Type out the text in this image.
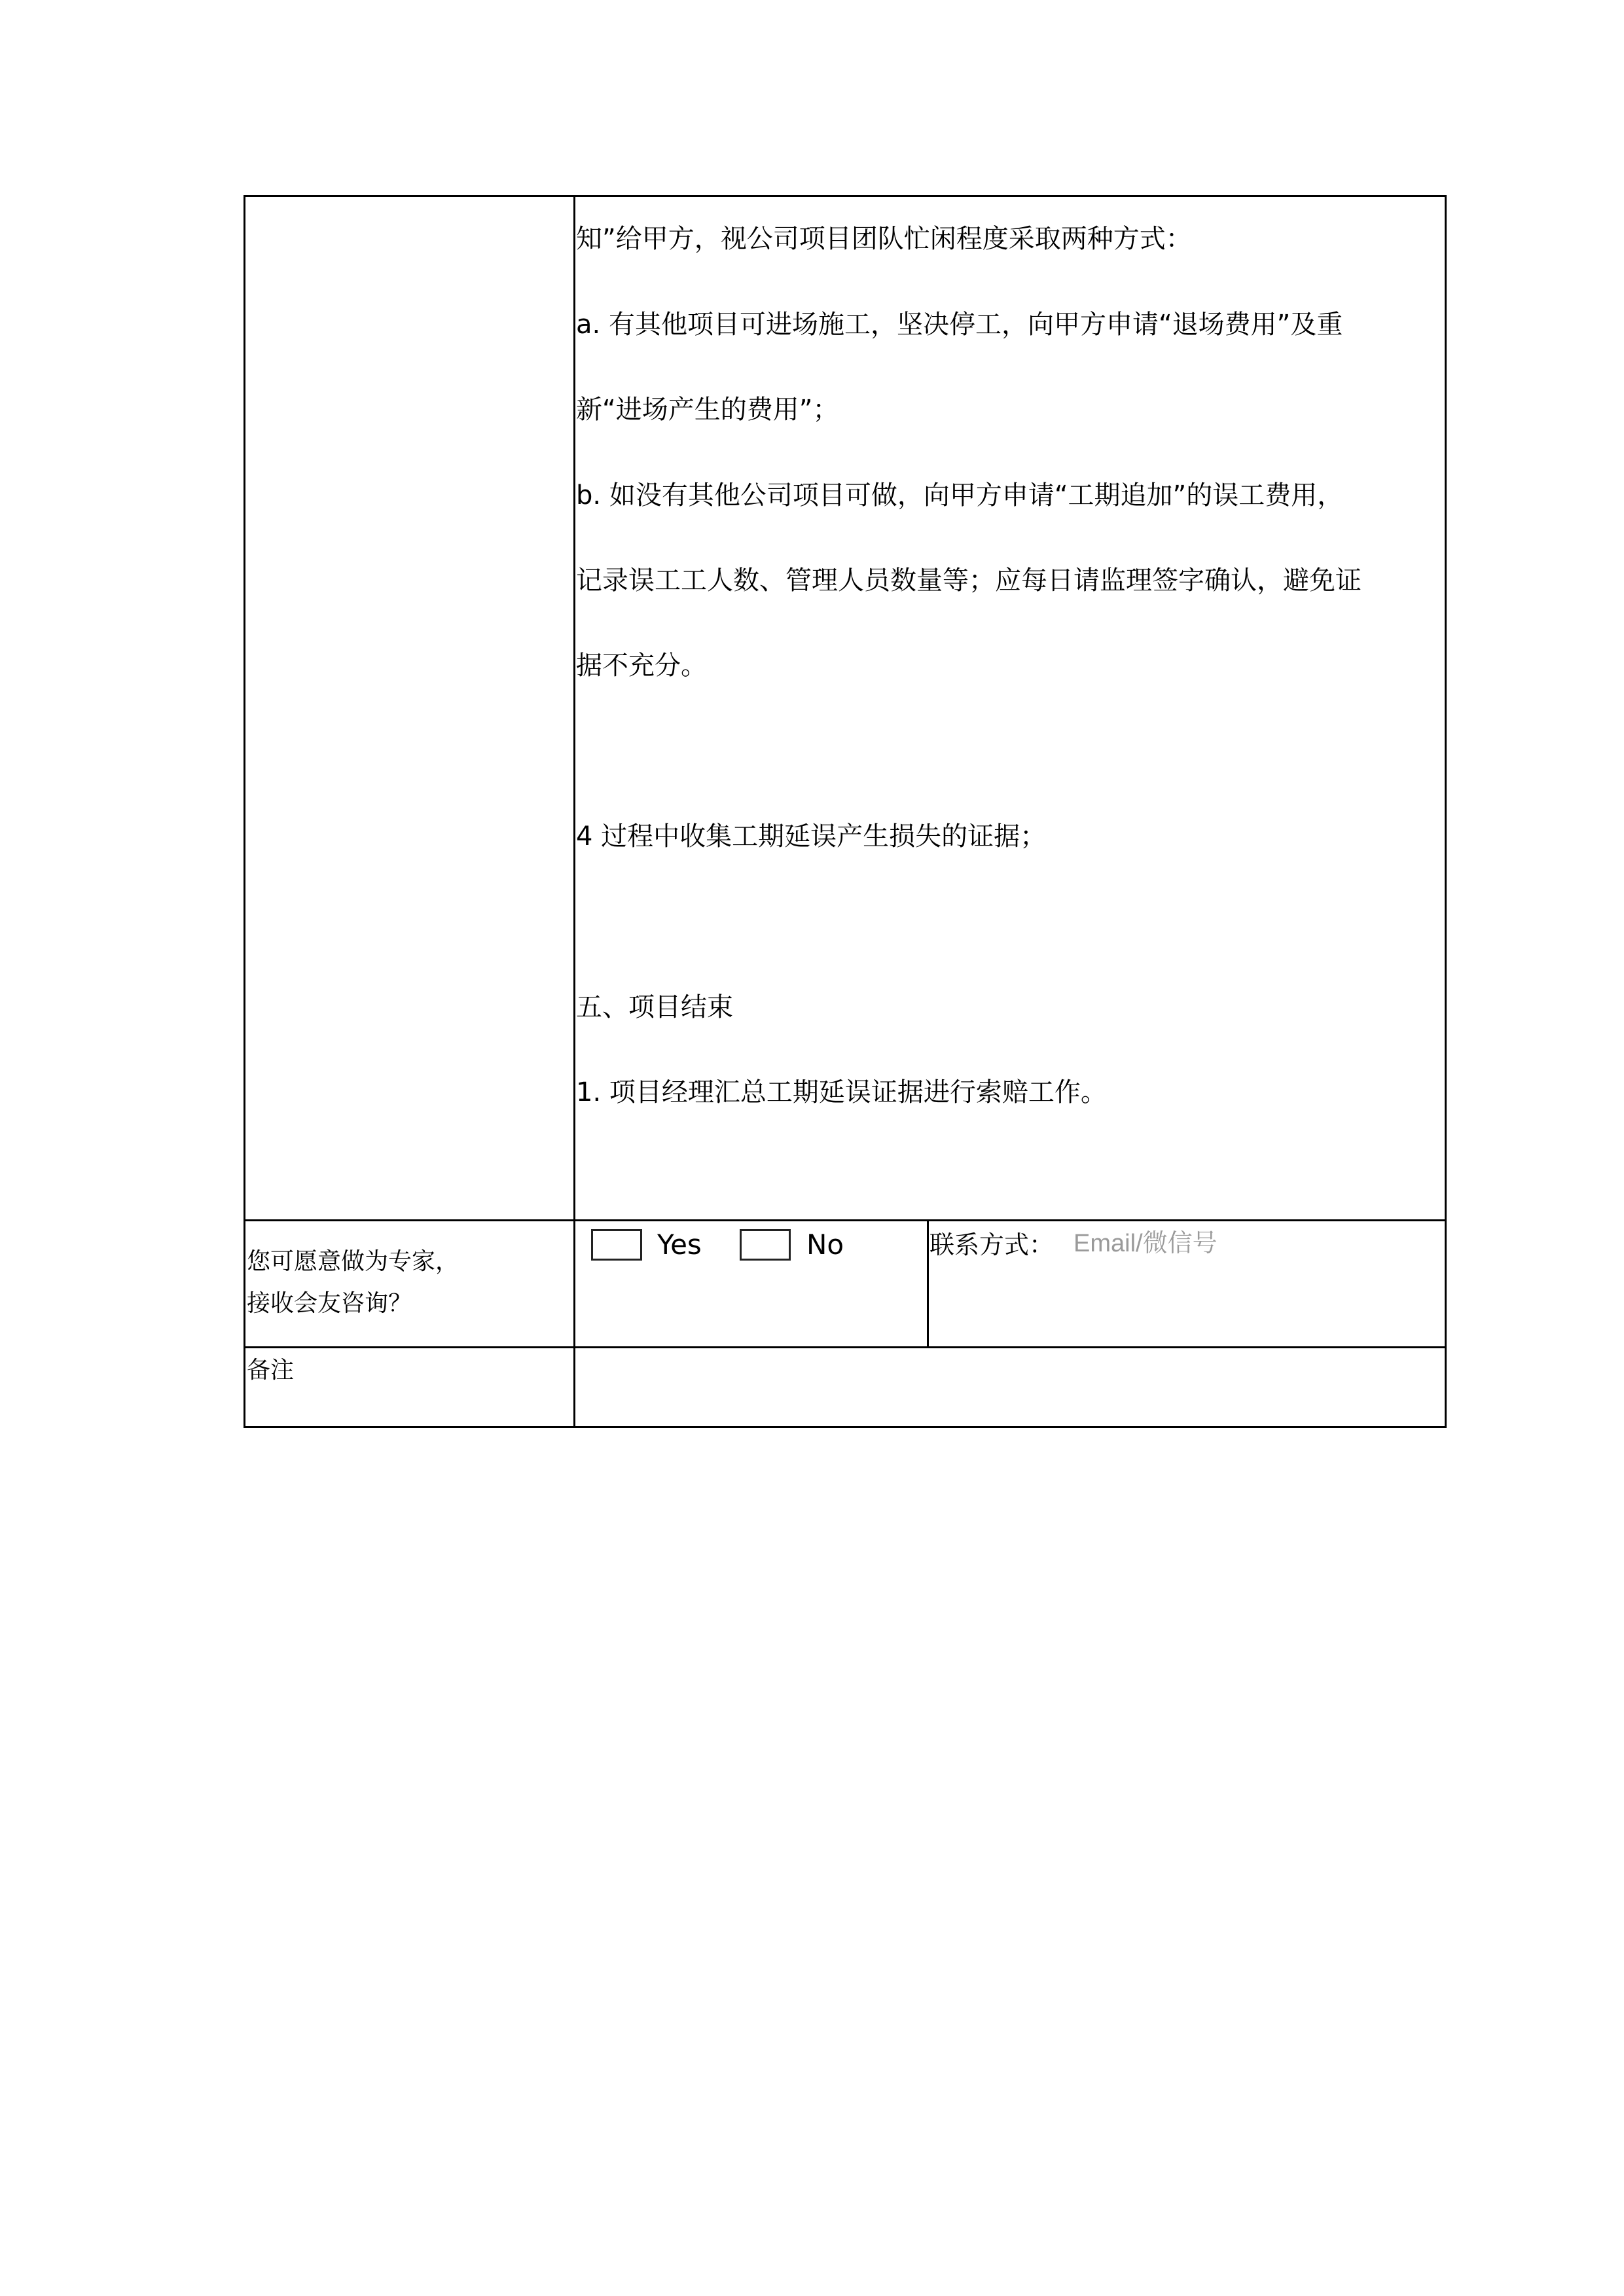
知”给甲方，视公司项目团队忙闲程度采取两种方式：
a. 有其他项目可进场施工，坚决停工，向甲方申请“退场费用”及重
新“进场产生的费用”；
b. 如没有其他公司项目可做，向甲方申请“工期追加”的误工费用，
记录误工工人数、管理人员数量等；应每日请监理签字确认，避免证
据不充分。
4 过程中收集工期延误产生损失的证据；
五、项目结束
1. 项目经理汇总工期延误证据进行索赔工作。
您可愿意做为专家，
接收会友咨询？
Yes	No	联系方式：
Email/微信号
备注
